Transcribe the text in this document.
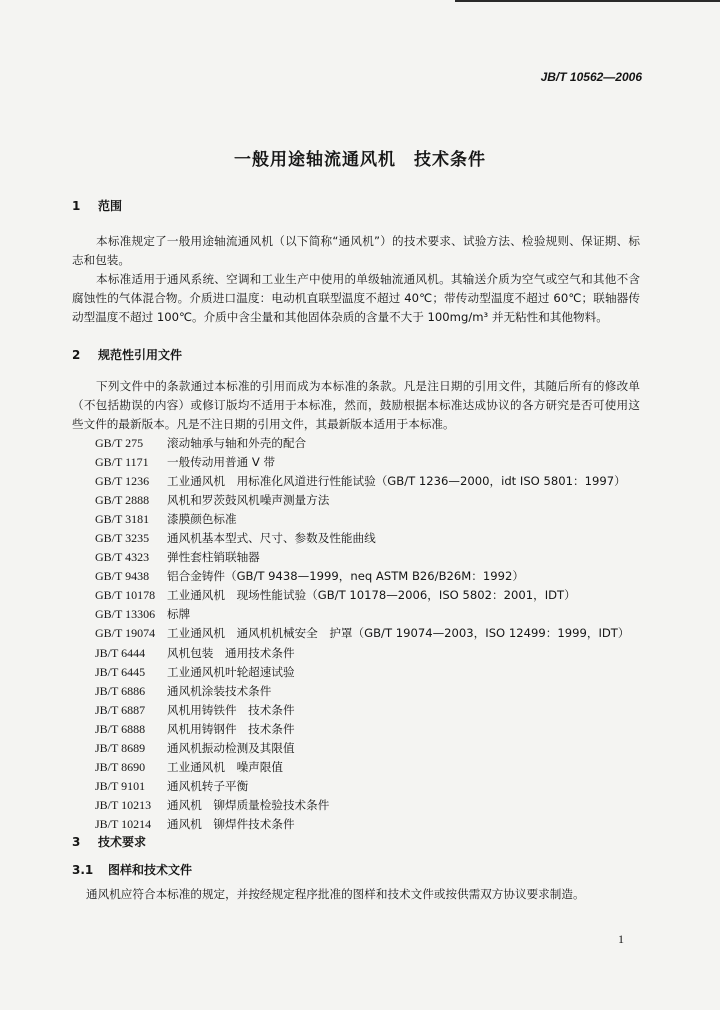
JB/T 10562—2006
一般用途轴流通风机　技术条件
1 范围
本标准规定了一般用途轴流通风机（以下简称“通风机”）的技术要求、试验方法、检验规则、保证期、标志和包装。
本标准适用于通风系统、空调和工业生产中使用的单级轴流通风机。其输送介质为空气或空气和其他不含腐蚀性的气体混合物。介质进口温度：电动机直联型温度不超过 40℃；带传动型温度不超过 60℃；联轴器传动型温度不超过 100℃。介质中含尘量和其他固体杂质的含量不大于 100mg/m³ 并无粘性和其他物料。
2 规范性引用文件
下列文件中的条款通过本标准的引用而成为本标准的条款。凡是注日期的引用文件，其随后所有的修改单（不包括勘误的内容）或修订版均不适用于本标准，然而，鼓励根据本标准达成协议的各方研究是否可使用这些文件的最新版本。凡是不注日期的引用文件，其最新版本适用于本标准。
GB/T 275 滚动轴承与轴和外壳的配合
GB/T 1171 一般传动用普通 V 带
GB/T 1236 工业通风机　用标准化风道进行性能试验（GB/T 1236—2000，idt ISO 5801：1997）
GB/T 2888 风机和罗茨鼓风机噪声测量方法
GB/T 3181 漆膜颜色标准
GB/T 3235 通风机基本型式、尺寸、参数及性能曲线
GB/T 4323 弹性套柱销联轴器
GB/T 9438 铝合金铸件（GB/T 9438—1999，neq ASTM B26/B26M：1992）
GB/T 10178 工业通风机　现场性能试验（GB/T 10178—2006，ISO 5802：2001，IDT）
GB/T 13306 标牌
GB/T 19074 工业通风机　通风机机械安全　护罩（GB/T 19074—2003，ISO 12499：1999，IDT）
JB/T 6444 风机包装　通用技术条件
JB/T 6445 工业通风机叶轮超速试验
JB/T 6886 通风机涂装技术条件
JB/T 6887 风机用铸铁件　技术条件
JB/T 6888 风机用铸钢件　技术条件
JB/T 8689 通风机振动检测及其限值
JB/T 8690 工业通风机　噪声限值
JB/T 9101 通风机转子平衡
JB/T 10213 通风机　铆焊质量检验技术条件
JB/T 10214 通风机　铆焊件技术条件
3 技术要求
3.1 图样和技术文件
通风机应符合本标准的规定，并按经规定程序批准的图样和技术文件或按供需双方协议要求制造。
1
